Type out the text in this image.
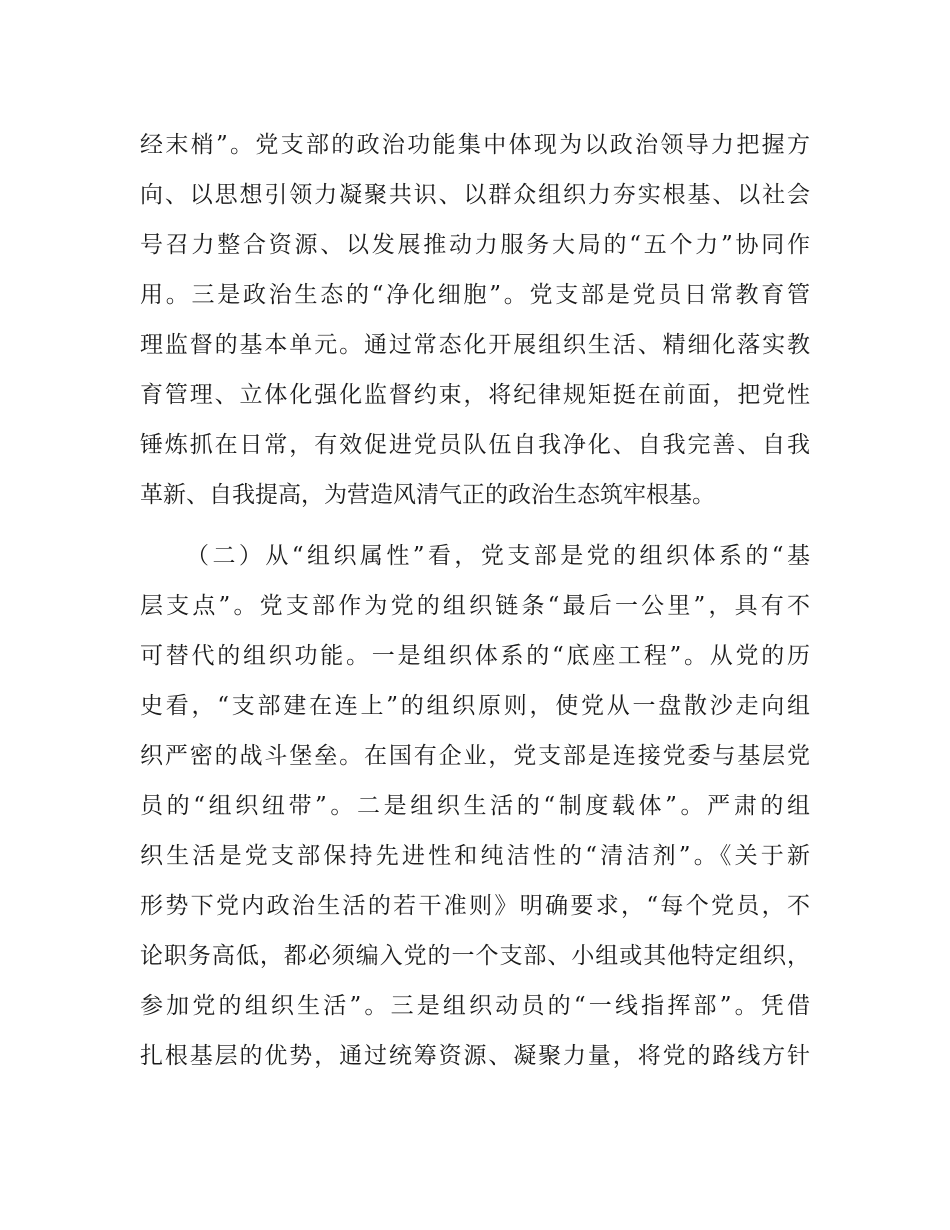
经末梢”。党支部的政治功能集中体现为以政治领导力把握方
向、以思想引领力凝聚共识、以群众组织力夯实根基、以社会
号召力整合资源、以发展推动力服务大局的“五个力”协同作
用。三是政治生态的“净化细胞”。党支部是党员日常教育管
理监督的基本单元。通过常态化开展组织生活、精细化落实教
育管理、立体化强化监督约束，将纪律规矩挺在前面，把党性
锤炼抓在日常，有效促进党员队伍自我净化、自我完善、自我
革新、自我提高，为营造风清气正的政治生态筑牢根基。
（二）从“组织属性”看，党支部是党的组织体系的“基
层支点”。党支部作为党的组织链条“最后一公里”，具有不
可替代的组织功能。一是组织体系的“底座工程”。从党的历
史看，“支部建在连上”的组织原则，使党从一盘散沙走向组
织严密的战斗堡垒。在国有企业，党支部是连接党委与基层党
员的“组织纽带”。二是组织生活的“制度载体”。严肃的组
织生活是党支部保持先进性和纯洁性的“清洁剂”。《关于新
形势下党内政治生活的若干准则》明确要求，“每个党员，不
论职务高低，都必须编入党的一个支部、小组或其他特定组织，
参加党的组织生活”。三是组织动员的“一线指挥部”。凭借
扎根基层的优势，通过统筹资源、凝聚力量，将党的路线方针
